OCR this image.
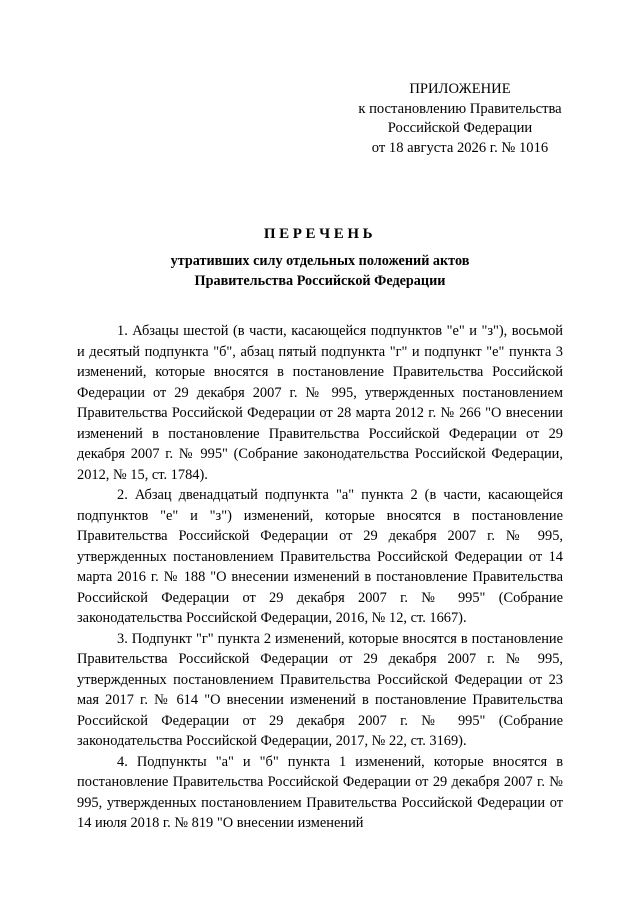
ПРИЛОЖЕНИЕ
к постановлению Правительства
Российской Федерации
от 18 августа 2026 г. № 1016
ПЕРЕЧЕНЬ
утративших силу отдельных положений актов
Правительства Российской Федерации

1. Абзацы шестой (в части, касающейся подпунктов "е" и "з"), восьмой и десятый подпункта "б", абзац пятый подпункта "г" и подпункт "е" пункта 3 изменений, которые вносятся в постановление Правительства Российской Федерации от 29 декабря 2007 г. № 995, утвержденных постановлением Правительства Российской Федерации от 28 марта 2012 г. № 266 "О внесении изменений в постановление Правительства Российской Федерации от 29 декабря 2007 г. № 995" (Собрание законодательства Российской Федерации, 2012, № 15, ст. 1784).

2. Абзац двенадцатый подпункта "а" пункта 2 (в части, касающейся подпунктов "е" и "з") изменений, которые вносятся в постановление Правительства Российской Федерации от 29 декабря 2007 г. № 995, утвержденных постановлением Правительства Российской Федерации от 14 марта 2016 г. № 188 "О внесении изменений в постановление Правительства Российской Федерации от 29 декабря 2007 г. № 995" (Собрание законодательства Российской Федерации, 2016, № 12, ст. 1667).

3. Подпункт "г" пункта 2 изменений, которые вносятся в постановление Правительства Российской Федерации от 29 декабря 2007 г. № 995, утвержденных постановлением Правительства Российской Федерации от 23 мая 2017 г. № 614 "О внесении изменений в постановление Правительства Российской Федерации от 29 декабря 2007 г. № 995" (Собрание законодательства Российской Федерации, 2017, № 22, ст. 3169).

4. Подпункты "а" и "б" пункта 1 изменений, которые вносятся в постановление Правительства Российской Федерации от 29 декабря 2007 г. № 995, утвержденных постановлением Правительства Российской Федерации от 14 июля 2018 г. № 819 "О внесении изменений
